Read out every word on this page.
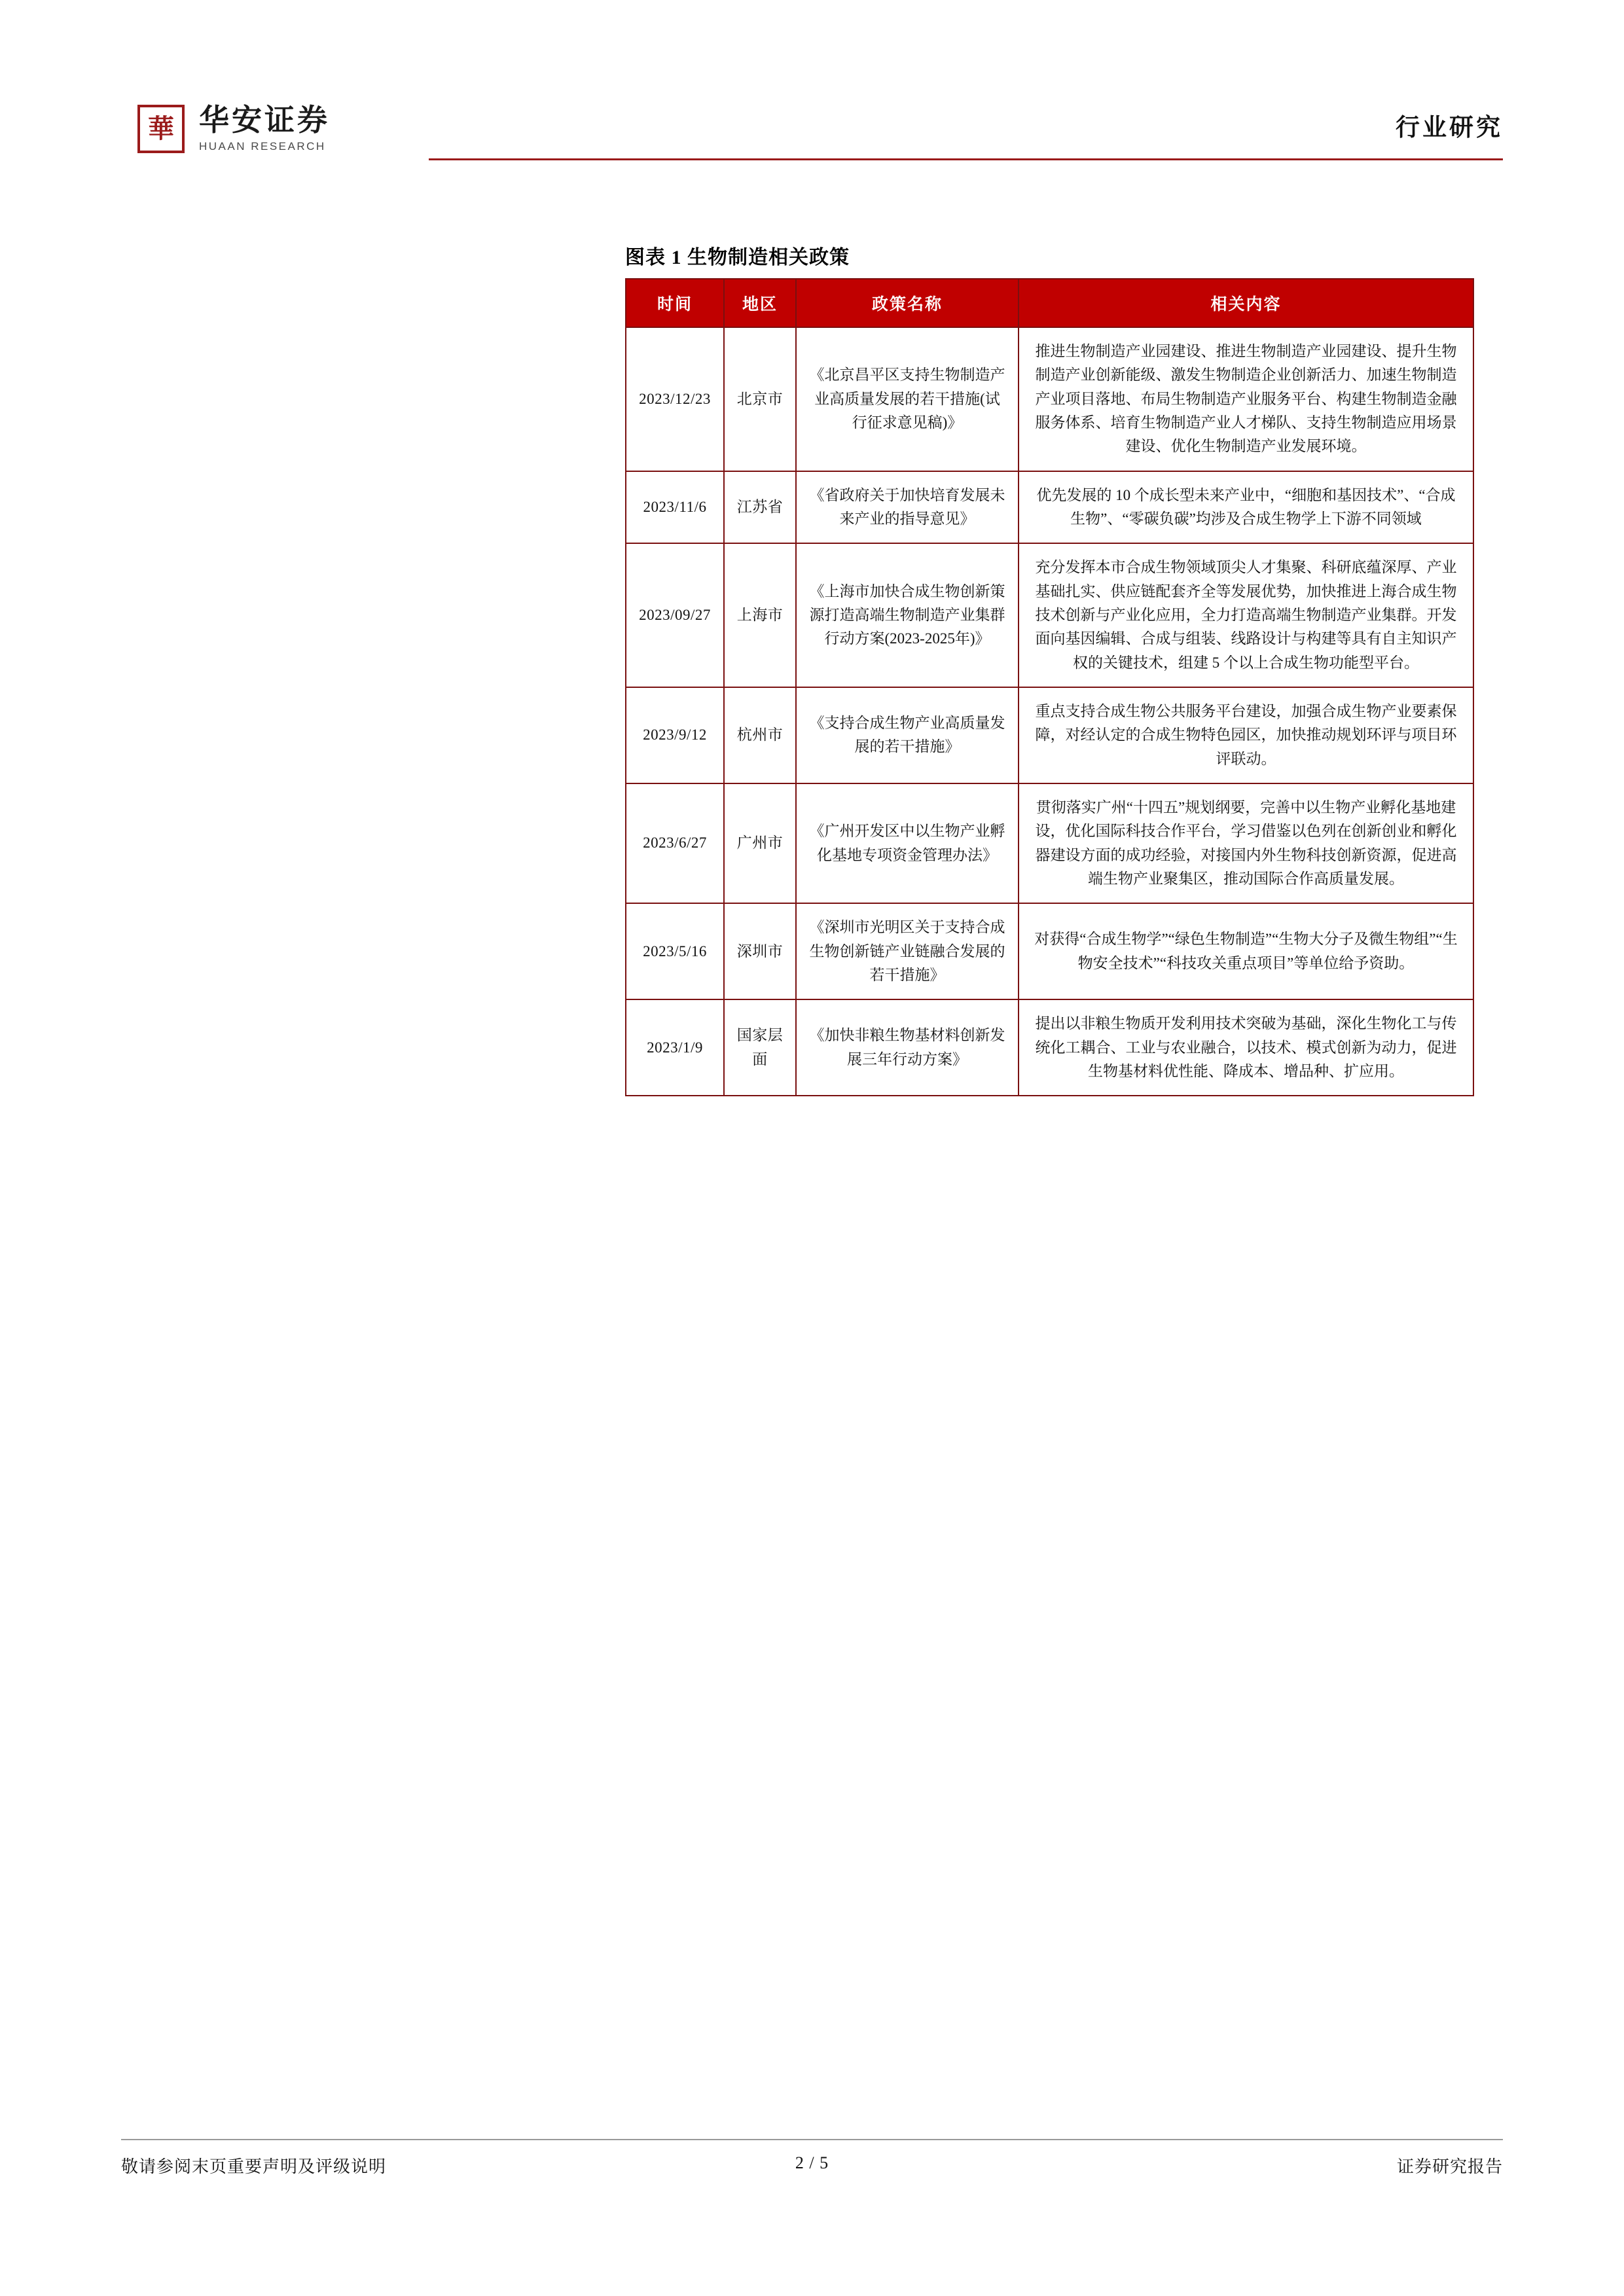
華 华安证券
HUAAN RESEARCH
行业研究
图表 1 生物制造相关政策
时间	地区	政策名称	相关内容
2023/12/23	北京市	《北京昌平区支持生物制造产业高质量发展的若干措施(试行征求意见稿)》	推进生物制造产业园建设、推进生物制造产业园建设、提升生物制造产业创新能级、激发生物制造企业创新活力、加速生物制造产业项目落地、布局生物制造产业服务平台、构建生物制造金融服务体系、培育生物制造产业人才梯队、支持生物制造应用场景建设、优化生物制造产业发展环境。
2023/11/6	江苏省	《省政府关于加快培育发展未来产业的指导意见》	优先发展的 10 个成长型未来产业中，“细胞和基因技术”、“合成生物”、“零碳负碳”均涉及合成生物学上下游不同领域
2023/09/27	上海市	《上海市加快合成生物创新策源打造高端生物制造产业集群行动方案(2023-2025年)》	充分发挥本市合成生物领域顶尖人才集聚、科研底蕴深厚、产业基础扎实、供应链配套齐全等发展优势，加快推进上海合成生物技术创新与产业化应用，全力打造高端生物制造产业集群。开发面向基因编辑、合成与组装、线路设计与构建等具有自主知识产权的关键技术，组建 5 个以上合成生物功能型平台。
2023/9/12	杭州市	《支持合成生物产业高质量发展的若干措施》	重点支持合成生物公共服务平台建设，加强合成生物产业要素保障，对经认定的合成生物特色园区，加快推动规划环评与项目环评联动。
2023/6/27	广州市	《广州开发区中以生物产业孵化基地专项资金管理办法》	贯彻落实广州“十四五”规划纲要，完善中以生物产业孵化基地建设，优化国际科技合作平台，学习借鉴以色列在创新创业和孵化器建设方面的成功经验，对接国内外生物科技创新资源，促进高端生物产业聚集区，推动国际合作高质量发展。
2023/5/16	深圳市	《深圳市光明区关于支持合成生物创新链产业链融合发展的若干措施》	对获得“合成生物学”“绿色生物制造”“生物大分子及微生物组”“生物安全技术”“科技攻关重点项目”等单位给予资助。
2023/1/9	国家层面	《加快非粮生物基材料创新发展三年行动方案》	提出以非粮生物质开发利用技术突破为基础，深化生物化工与传统化工耦合、工业与农业融合，以技术、模式创新为动力，促进生物基材料优性能、降成本、增品种、扩应用。
敬请参阅末页重要声明及评级说明	2 / 5	证券研究报告
